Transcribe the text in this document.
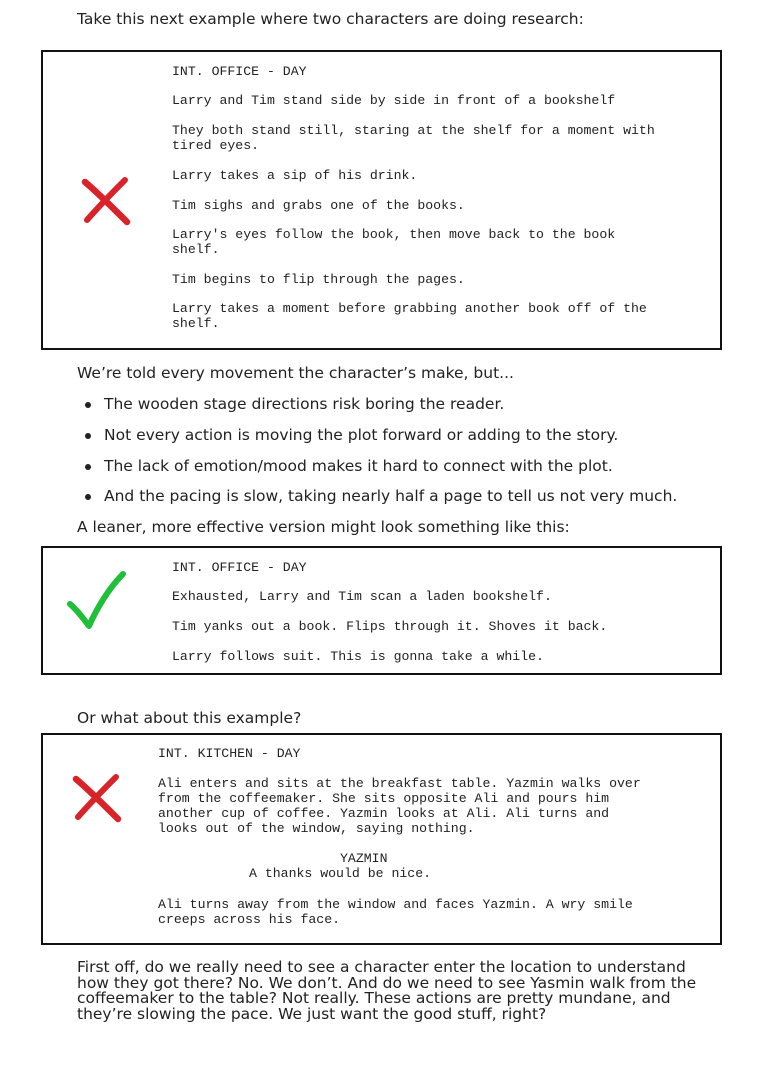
Take this next example where two characters are doing research:

INT. OFFICE - DAY
Larry and Tim stand side by side in front of a bookshelf
They both stand still, staring at the shelf for a moment with
tired eyes.
Larry takes a sip of his drink.
Tim sighs and grabs one of the books.
Larry's eyes follow the book, then move back to the book
shelf.
Tim begins to flip through the pages.
Larry takes a moment before grabbing another book off of the
shelf.

We’re told every movement the character’s make, but...

The wooden stage directions risk boring the reader.
Not every action is moving the plot forward or adding to the story.
The lack of emotion/mood makes it hard to connect with the plot.
And the pacing is slow, taking nearly half a page to tell us not very much.

A leaner, more effective version might look something like this:

INT. OFFICE - DAY
Exhausted, Larry and Tim scan a laden bookshelf.
Tim yanks out a book. Flips through it. Shoves it back.
Larry follows suit. This is gonna take a while.

Or what about this example?

INT. KITCHEN - DAY
Ali enters and sits at the breakfast table. Yazmin walks over
from the coffeemaker. She sits opposite Ali and pours him
another cup of coffee. Yazmin looks at Ali. Ali turns and
looks out of the window, saying nothing.
YAZMIN
A thanks would be nice.
Ali turns away from the window and faces Yazmin. A wry smile
creeps across his face.

First off, do we really need to see a character enter the location to understand how they got there? No. We don’t. And do we need to see Yasmin walk from the coffeemaker to the table? Not really. These actions are pretty mundane, and they’re slowing the pace. We just want the good stuff, right?
